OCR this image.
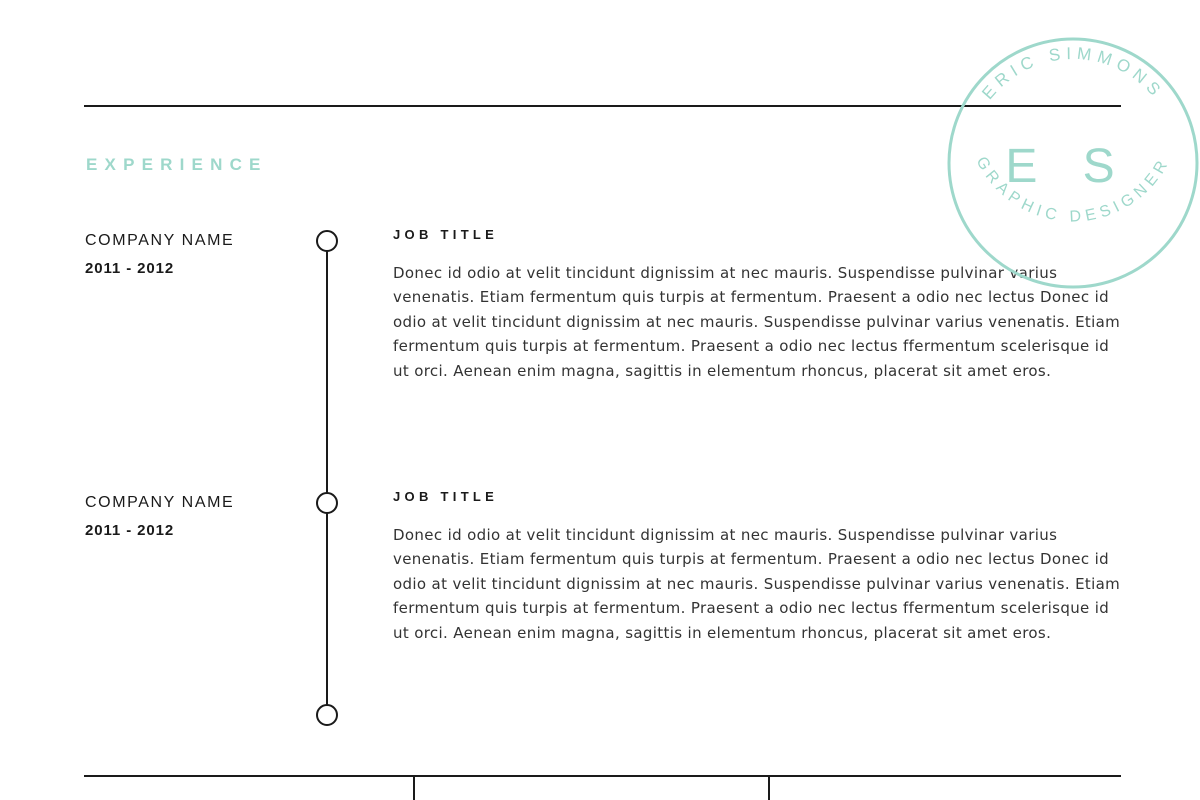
EXPERIENCE

COMPANY NAME

2011 - 2012

JOB TITLE

Donec id odio at velit tincidunt dignissim at nec mauris. Suspendisse pulvinar varius venenatis. Etiam fermentum quis turpis at fermentum. Praesent a odio nec lectus Donec id odio at velit tincidunt dignissim at nec mauris. Suspendisse pulvinar varius venenatis. Etiam fermentum quis turpis at fermentum. Praesent a odio nec lectus ffermentum scelerisque id ut orci. Aenean enim magna, sagittis in elementum rhoncus, placerat sit amet eros.

COMPANY NAME

2011 - 2012

JOB TITLE

Donec id odio at velit tincidunt dignissim at nec mauris. Suspendisse pulvinar varius venenatis. Etiam fermentum quis turpis at fermentum. Praesent a odio nec lectus Donec id odio at velit tincidunt dignissim at nec mauris. Suspendisse pulvinar varius venenatis. Etiam fermentum quis turpis at fermentum. Praesent a odio nec lectus ffermentum scelerisque id ut orci. Aenean enim magna, sagittis in elementum rhoncus, placerat sit amet eros.

ERIC SIMMONS
E S
GRAPHIC DESIGNER
